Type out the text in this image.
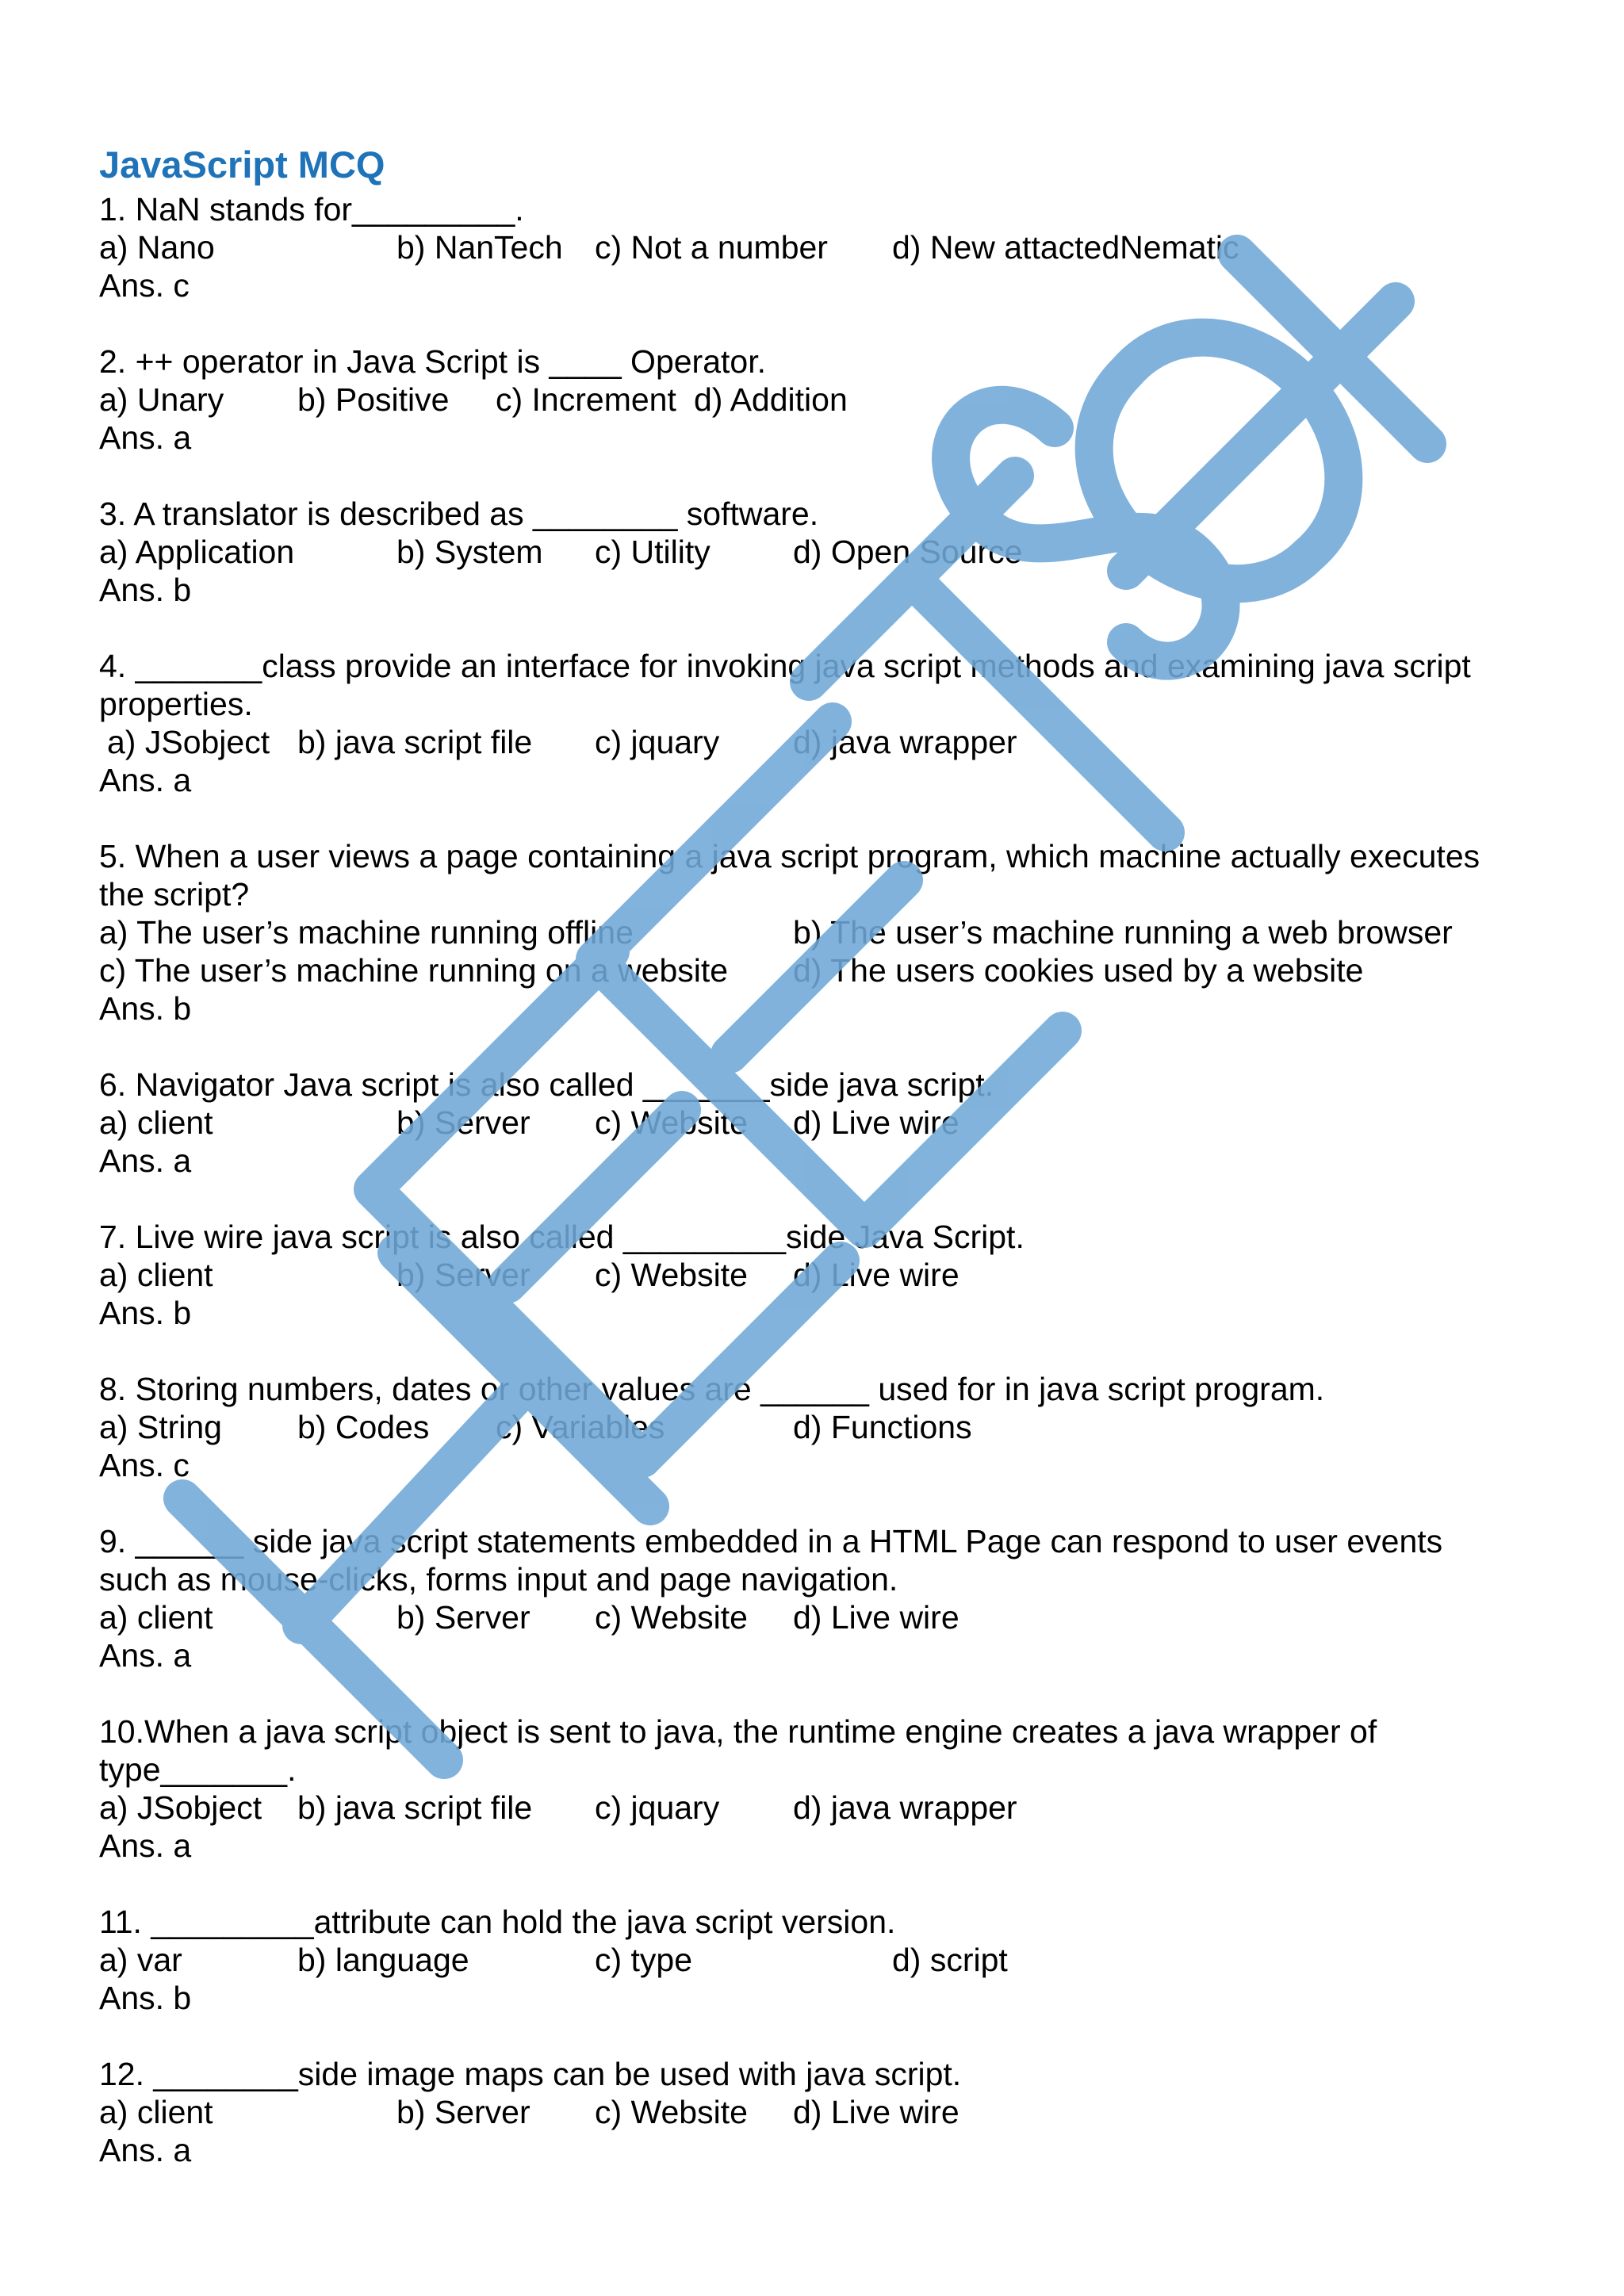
JavaScript MCQ
1. NaN stands for_________.
a) Nano	b) NanTech c) Not a number d) New attactedNematic
Ans. c
2. ++ operator in Java Script is ____ Operator.
a) Unary b) Positive c) Increment d) Addition
Ans. a
3. A translator is described as ________ software.
a) Application	b) System c) Utility	d) Open Source
Ans. b
4. _______class provide an interface for invoking java script methods and examining java script
properties.
a) JSobject b) java script file c) jquary d) java wrapper
Ans. a
5. When a user views a page containing a java script program, which machine actually executes
the script?
a) The user’s machine running offline	b) The user’s machine running a web browser
c) The user’s machine running on a website d) The users cookies used by a website
Ans. b
6. Navigator Java script is also called _______side java script.
a) client	b) Server c) Website d) Live wire
Ans. a
7. Live wire java script is also called _________side Java Script.
a) client	b) Server c) Website d) Live wire
Ans. b
8. Storing numbers, dates or other values are ______ used for in java script program.
a) String b) Codes c) Variables	d) Functions
Ans. c
9. ______ side java script statements embedded in a HTML Page can respond to user events
such as mouse-clicks, forms input and page navigation.
a) client	b) Server c) Website d) Live wire
Ans. a
10.When a java script object is sent to java, the runtime engine creates a java wrapper of
type_______.
a) JSobject b) java script file c) jquary d) java wrapper
Ans. a
11. _________attribute can hold the java script version.
a) var	b) language	c) type	d) script
Ans. b
12. ________side image maps can be used with java script.
a) client	b) Server c) Website d) Live wire
Ans. a
